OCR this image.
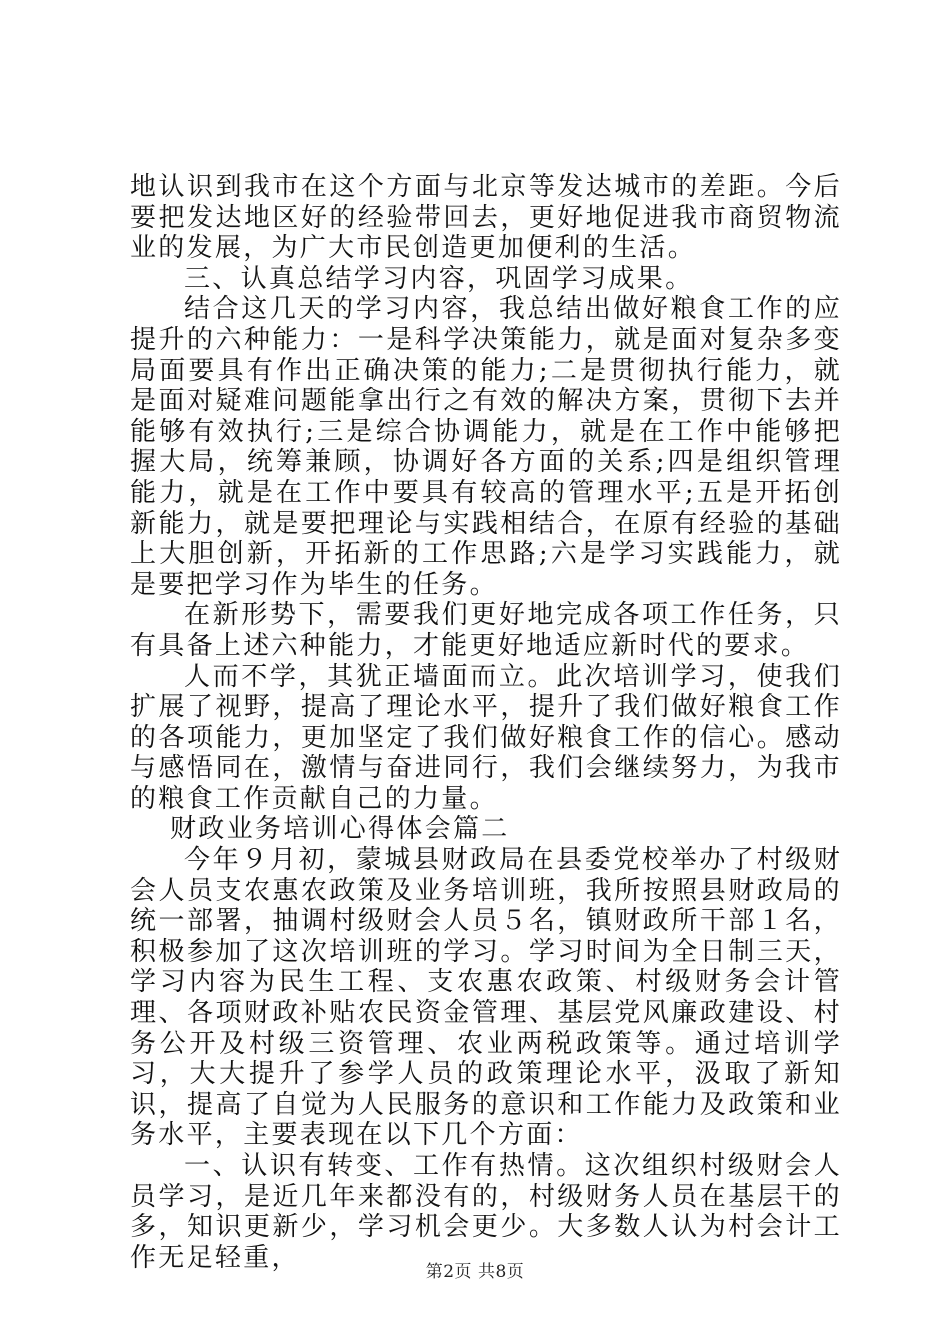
地认识到我市在这个方面与北京等发达城市的差距。今后要把发达地区好的经验带回去，更好地促进我市商贸物流业的发展，为广大市民创造更加便利的生活。

三、认真总结学习内容，巩固学习成果。

结合这几天的学习内容，我总结出做好粮食工作的应提升的六种能力：一是科学决策能力，就是面对复杂多变局面要具有作出正确决策的能力;二是贯彻执行能力，就是面对疑难问题能拿出行之有效的解决方案，贯彻下去并能够有效执行;三是综合协调能力，就是在工作中能够把握大局，统筹兼顾，协调好各方面的关系;四是组织管理能力，就是在工作中要具有较高的管理水平;五是开拓创新能力，就是要把理论与实践相结合，在原有经验的基础上大胆创新，开拓新的工作思路;六是学习实践能力，就是要把学习作为毕生的任务。

在新形势下，需要我们更好地完成各项工作任务，只有具备上述六种能力，才能更好地适应新时代的要求。

人而不学，其犹正墙面而立。此次培训学习，使我们扩展了视野，提高了理论水平，提升了我们做好粮食工作的各项能力，更加坚定了我们做好粮食工作的信心。感动与感悟同在，激情与奋进同行，我们会继续努力，为我市的粮食工作贡献自己的力量。

财政业务培训心得体会篇二

今年９月初，蒙城县财政局在县委党校举办了村级财会人员支农惠农政策及业务培训班，我所按照县财政局的统一部署，抽调村级财会人员５名，镇财政所干部１名，积极参加了这次培训班的学习。学习时间为全日制三天，学习内容为民生工程、支农惠农政策、村级财务会计管理、各项财政补贴农民资金管理、基层党风廉政建设、村务公开及村级三资管理、农业两税政策等。通过培训学习，大大提升了参学人员的政策理论水平，汲取了新知识，提高了自觉为人民服务的意识和工作能力及政策和业务水平，主要表现在以下几个方面：

一、认识有转变、工作有热情。这次组织村级财会人员学习，是近几年来都没有的，村级财务人员在基层干的多，知识更新少，学习机会更少。大多数人认为村会计工作无足轻重，	第2页 共8页
